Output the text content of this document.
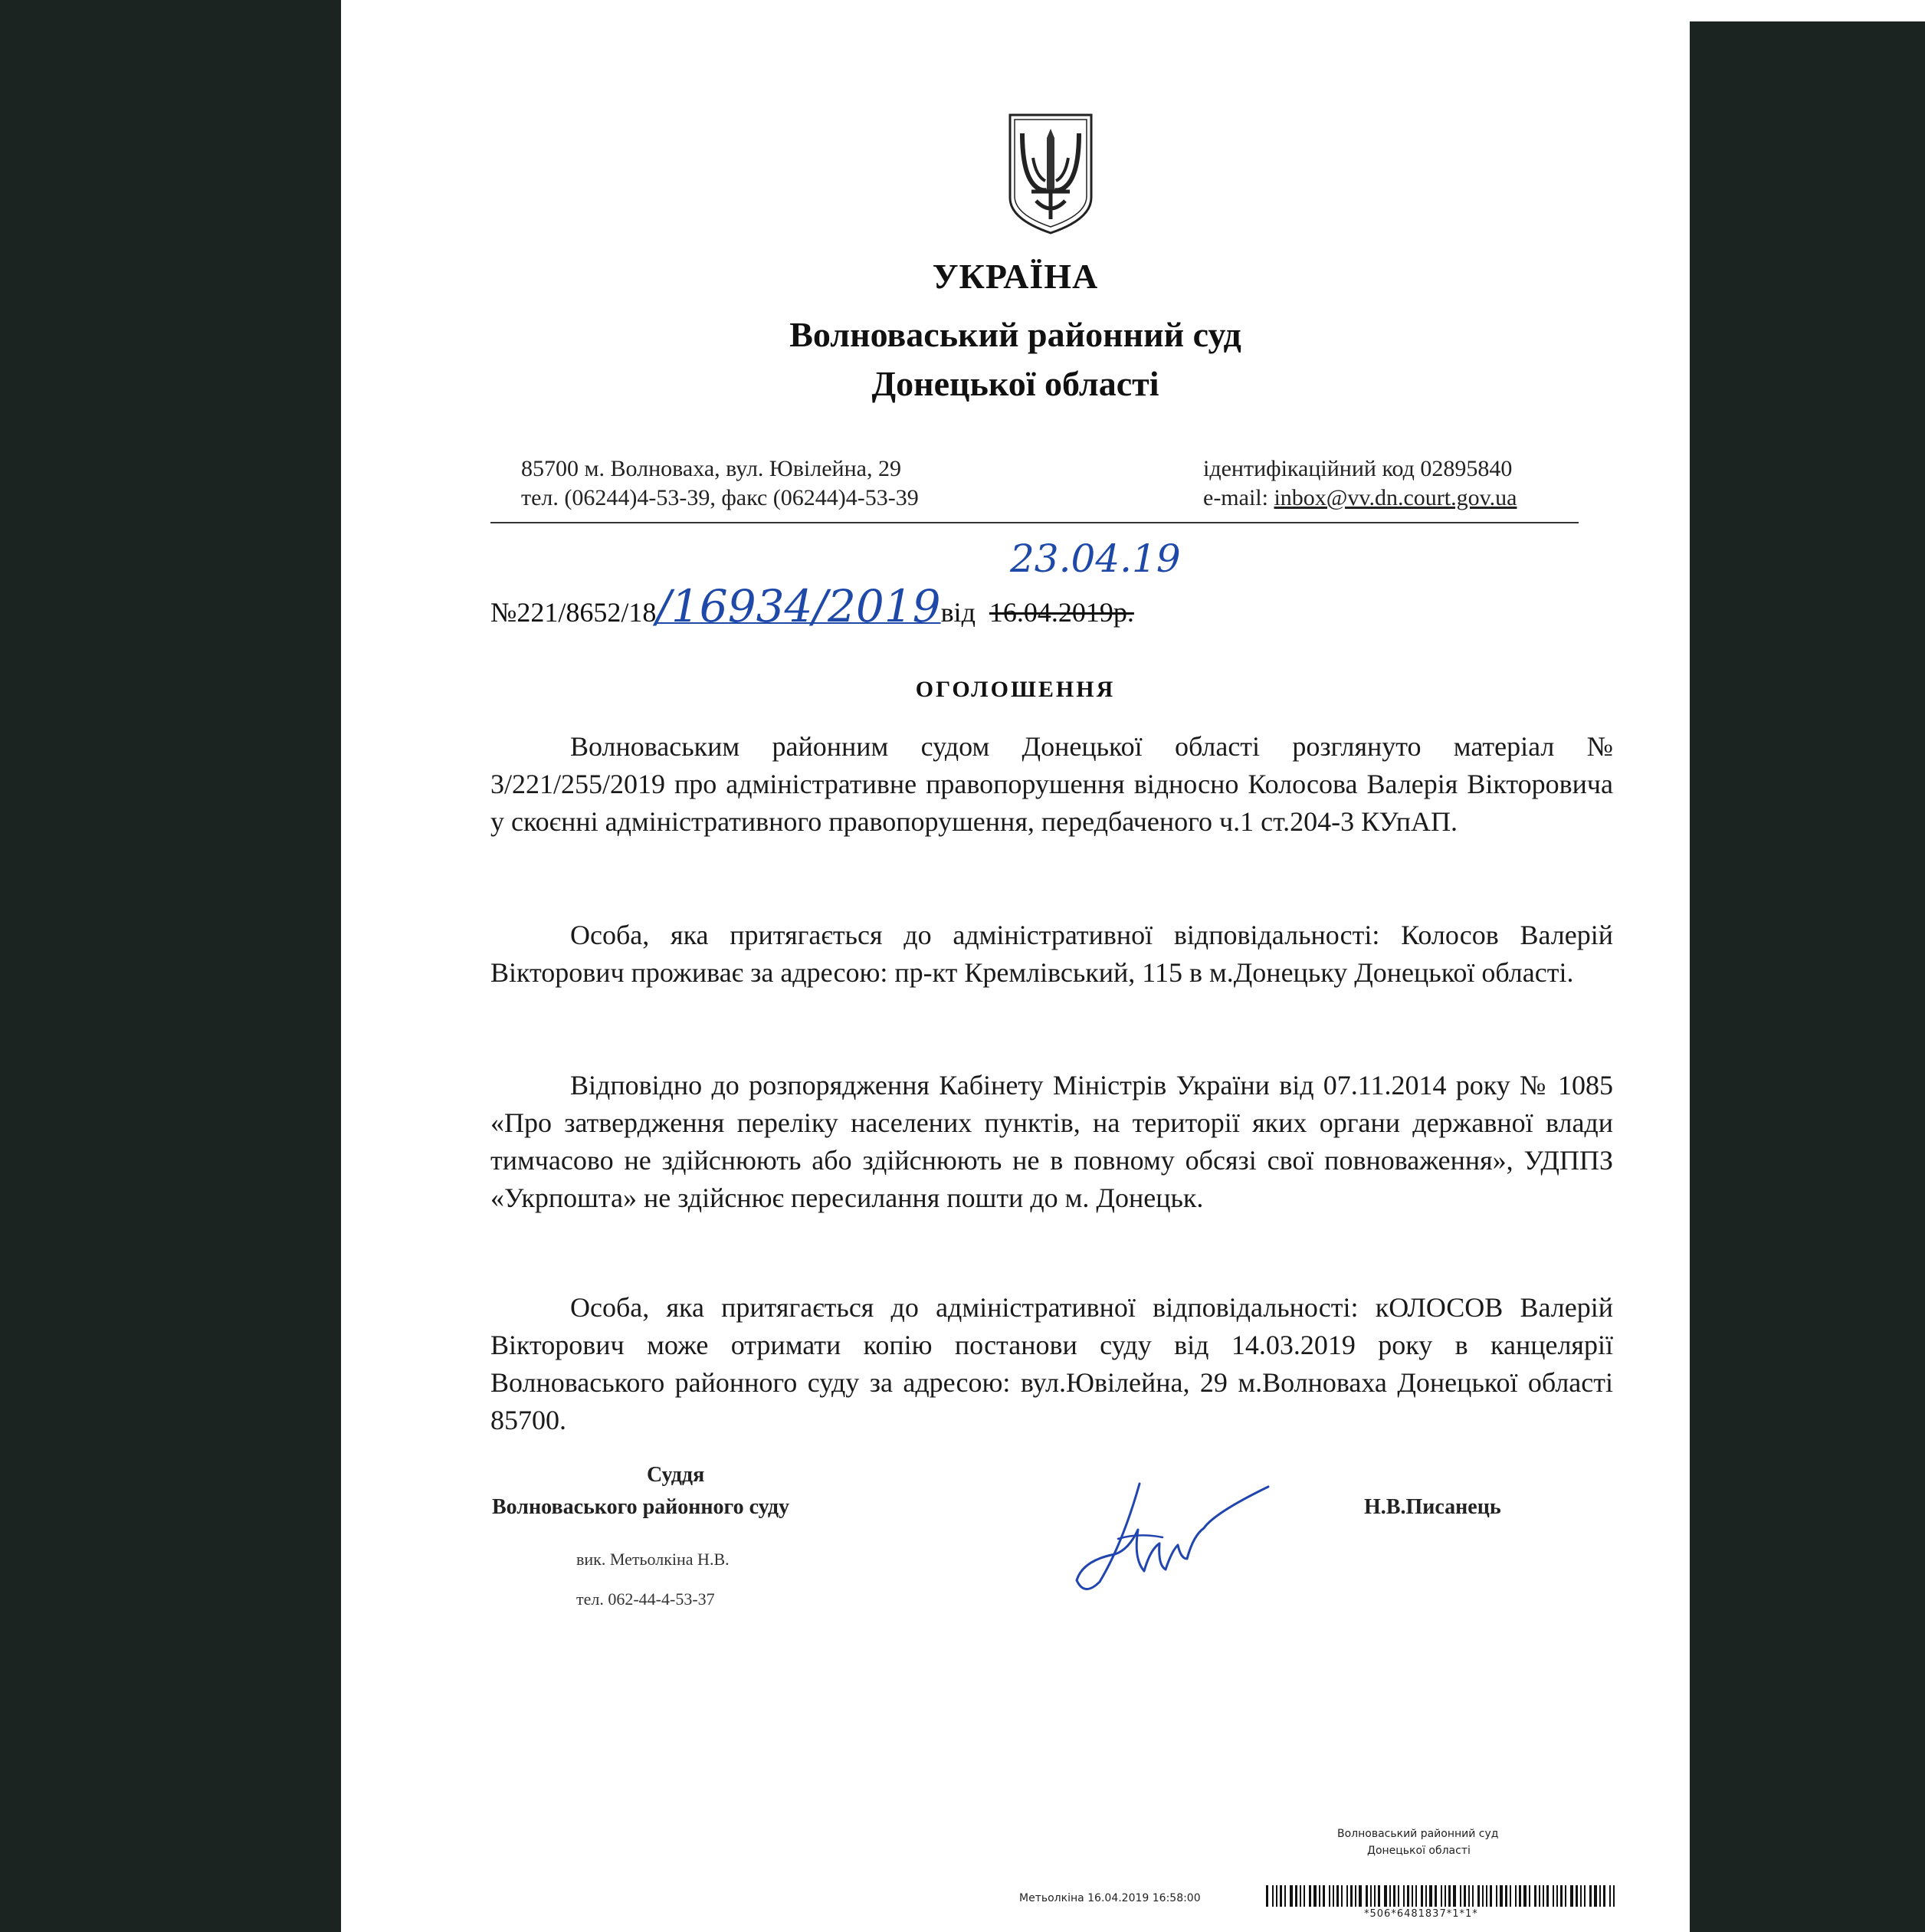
УКРАЇНА
Волноваський районний суд
Донецької області
85700 м. Волноваха, вул. Ювілейна, 29
тел. (06244)4-53-39, факс (06244)4-53-39
ідентифікаційний код 02895840
e-mail: inbox@vv.dn.court.gov.ua
№221/8652/18/16934/2019від 16.04.2019р.
23.04.19
ОГОЛОШЕННЯ
Волноваським районним судом Донецької області розглянуто матеріал № 3/221/255/2019 про адміністративне правопорушення відносно Колосова Валерія Вікторовича у скоєнні адміністративного правопорушення, передбаченого ч.1 ст.204-3 КУпАП.
Особа, яка притягається до адміністративної відповідальності: Колосов Валерій Вікторович проживає за адресою: пр-кт Кремлівський, 115 в м.Донецьку Донецької області.
Відповідно до розпорядження Кабінету Міністрів України від 07.11.2014 року № 1085 «Про затвердження переліку населених пунктів, на території яких органи державної влади тимчасово не здійснюють або здійснюють не в повному обсязі свої повноваження», УДППЗ «Укрпошта» не здійснює пересилання пошти до м. Донецьк.
Особа, яка притягається до адміністративної відповідальності: кОЛОСОВ Валерій Вікторович може отримати копію постанови суду від 14.03.2019 року в канцелярії Волноваського районного суду за адресою: вул.Ювілейна, 29 м.Волноваха Донецької області 85700.
Суддя
Волноваського районного суду	Н.В.Писанець
вик. Метьолкіна Н.В.
тел. 062-44-4-53-37
Волноваський районний суд
Донецької області
Метьолкіна 16.04.2019 16:58:00
*506*6481837*1*1*
